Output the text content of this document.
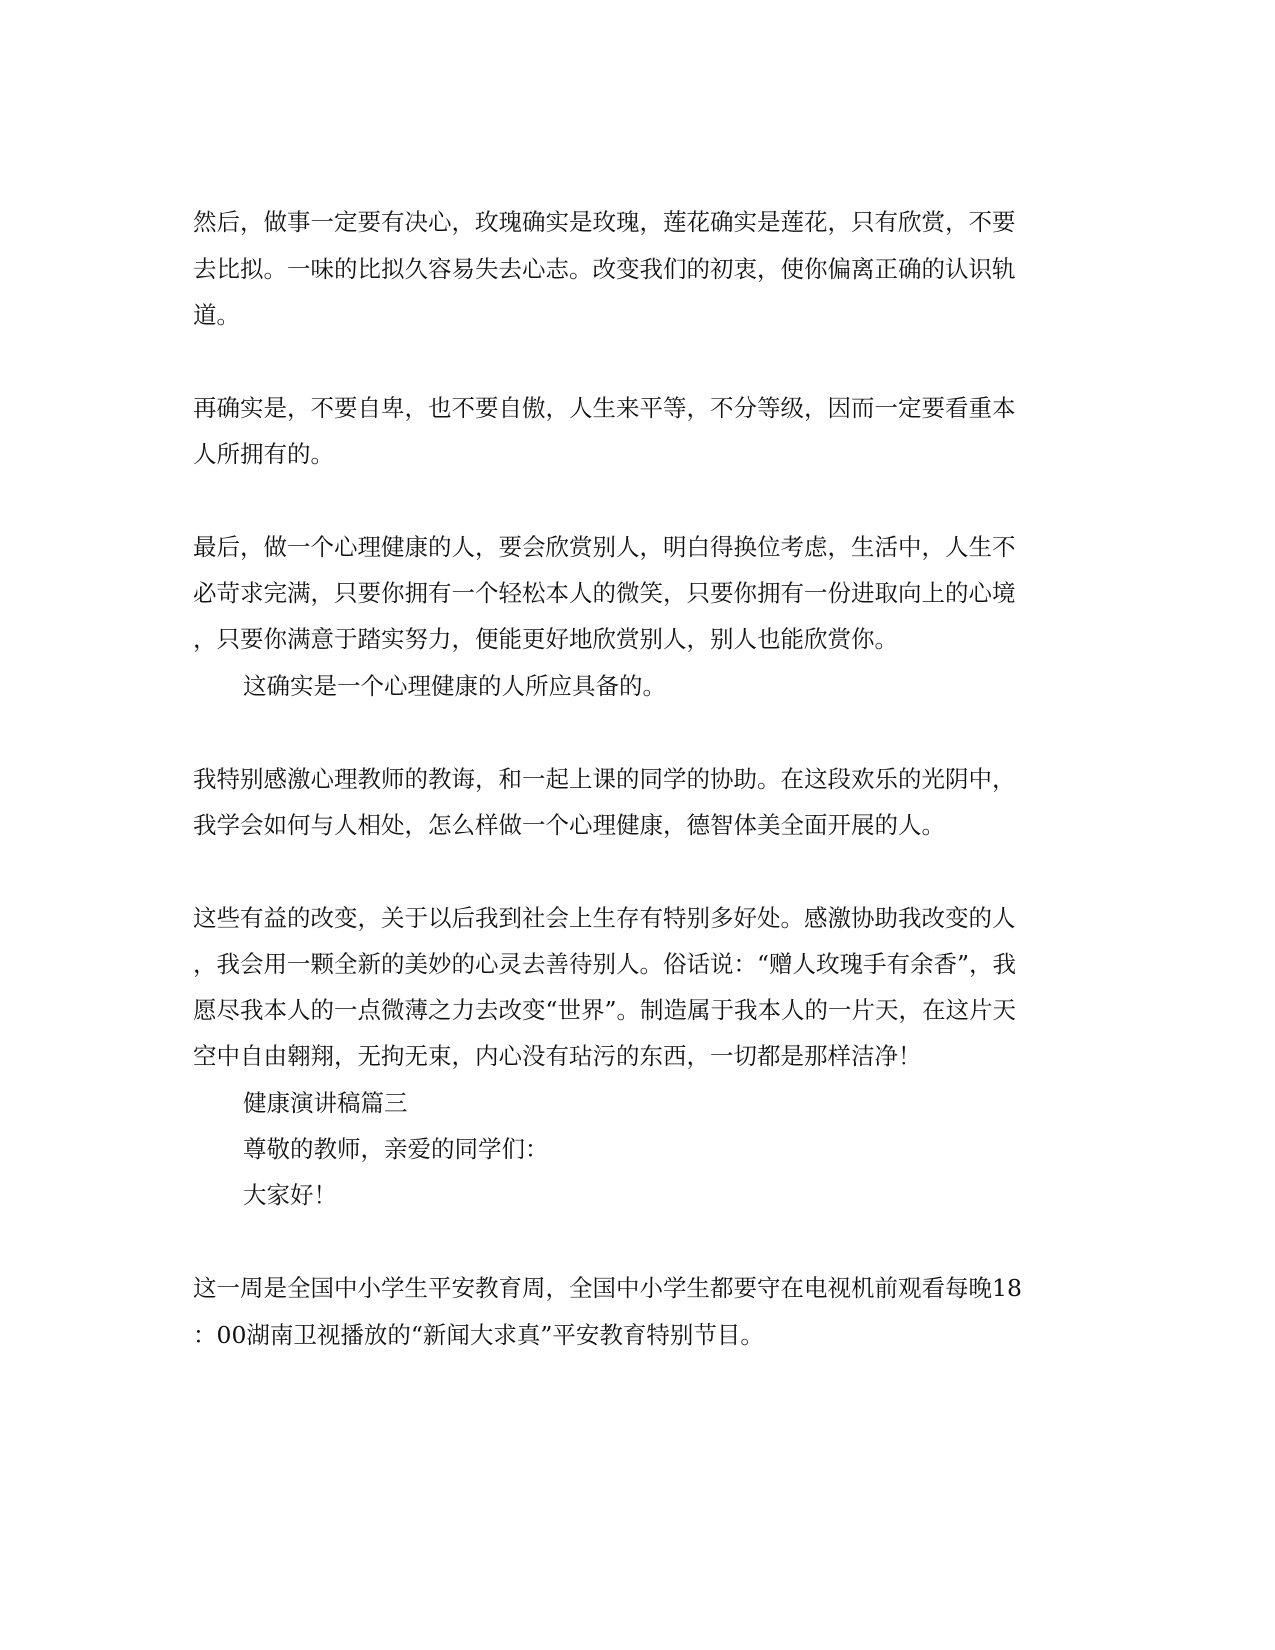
然后，做事一定要有决心，玫瑰确实是玫瑰，莲花确实是莲花，只有欣赏，不要

去比拟。一味的比拟久容易失去心志。改变我们的初衷，使你偏离正确的认识轨

道。

再确实是，不要自卑，也不要自傲，人生来平等，不分等级，因而一定要看重本

人所拥有的。

最后，做一个心理健康的人，要会欣赏别人，明白得换位考虑，生活中，人生不

必苛求完满，只要你拥有一个轻松本人的微笑，只要你拥有一份进取向上的心境

，只要你满意于踏实努力，便能更好地欣赏别人，别人也能欣赏你。

这确实是一个心理健康的人所应具备的。

我特别感激心理教师的教诲，和一起上课的同学的协助。在这段欢乐的光阴中，

我学会如何与人相处，怎么样做一个心理健康，德智体美全面开展的人。

这些有益的改变，关于以后我到社会上生存有特别多好处。感激协助我改变的人

，我会用一颗全新的美妙的心灵去善待别人。俗话说：“赠人玫瑰手有余香”，我

愿尽我本人的一点微薄之力去改变“世界”。制造属于我本人的一片天，在这片天

空中自由翱翔，无拘无束，内心没有玷污的东西，一切都是那样洁净！

健康演讲稿篇三

尊敬的教师，亲爱的同学们：

大家好！

这一周是全国中小学生平安教育周，全国中小学生都要守在电视机前观看每晚18

：00湖南卫视播放的“新闻大求真”平安教育特别节目。
